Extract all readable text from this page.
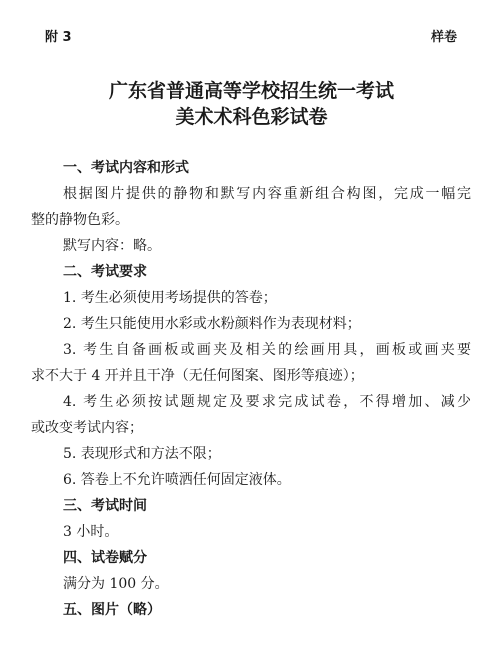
附 3	样卷
广东省普通高等学校招生统一考试
美术术科色彩试卷
一、考试内容和形式
根据图片提供的静物和默写内容重新组合构图，完成一幅完
整的静物色彩。
默写内容：略。
二、考试要求
1. 考生必须使用考场提供的答卷；
2. 考生只能使用水彩或水粉颜料作为表现材料；
3. 考生自备画板或画夹及相关的绘画用具，画板或画夹要
求不大于 4 开并且干净（无任何图案、图形等痕迹）；
4. 考生必须按试题规定及要求完成试卷，不得增加、减少
或改变考试内容；
5. 表现形式和方法不限；
6. 答卷上不允许喷洒任何固定液体。
三、考试时间
3 小时。
四、试卷赋分
满分为 100 分。
五、图片（略）
